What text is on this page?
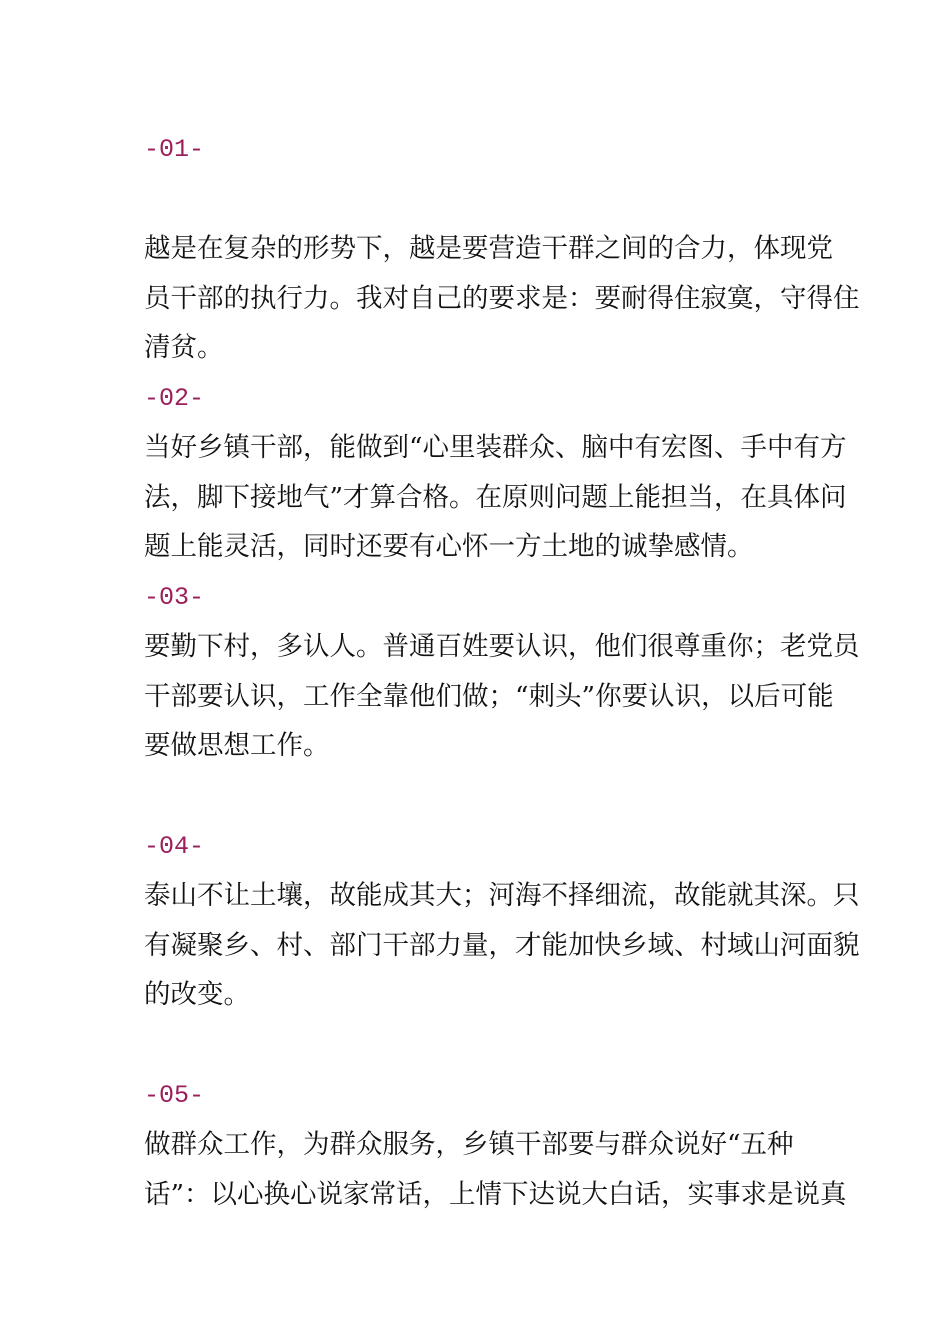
-01-
越是在复杂的形势下，越是要营造干群之间的合力，体现党
员干部的执行力。我对自己的要求是：要耐得住寂寞，守得住
清贫。
-02-
当好乡镇干部，能做到“心里装群众、脑中有宏图、手中有方
法，脚下接地气”才算合格。在原则问题上能担当，在具体问
题上能灵活，同时还要有心怀一方土地的诚挚感情。
-03-
要勤下村，多认人。普通百姓要认识，他们很尊重你；老党员
干部要认识，工作全靠他们做；“刺头”你要认识，以后可能
要做思想工作。
-04-
泰山不让土壤，故能成其大；河海不择细流，故能就其深。只
有凝聚乡、村、部门干部力量，才能加快乡域、村域山河面貌
的改变。
-05-
做群众工作，为群众服务，乡镇干部要与群众说好“五种
话”：以心换心说家常话，上情下达说大白话，实事求是说真
